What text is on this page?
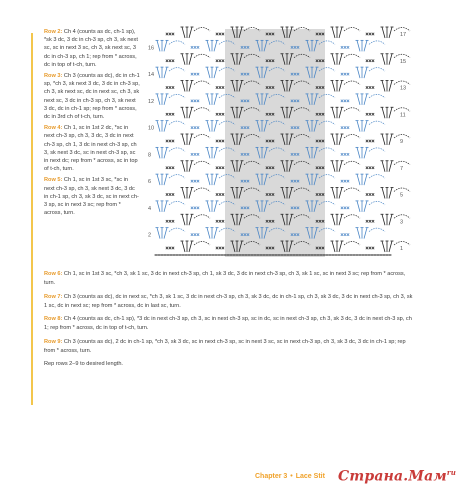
Row 2: Ch 4 (counts as dc, ch-1 sp), *sk 3 dc, 3 dc in ch-3 sp, ch 3, sk next sc, sc in next 3 sc, ch 3, sk next sc, 3 dc in ch-3 sp, ch 1; rep from * across, dc in top of t-ch, turn.
Row 3: Ch 3 (counts as dc), dc in ch-1 sp, *ch 3, sk next 3 dc, 3 dc in ch-3 sp, ch 3, sk next sc, dc in next sc, ch 3, sk next sc, 3 dc in ch-3 sp, ch 3, sk next 3 dc, dc in ch-1 sp; rep from * across, dc in 3rd ch of t-ch, turn.
Row 4: Ch 1, sc in 1st 2 dc, *sc in next ch-3 sp, ch 3, 3 dc, 3 dc in next ch-3 sp, ch 1, 3 dc in next ch-3 sp, ch 3, sk next 3 dc, sc in next ch-3 sp, sc in next dc; rep from * across, sc in top of t-ch, turn.
Row 5: Ch 1, sc in 1st 3 sc, *sc in next ch-3 sp, ch 3, sk next 3 dc, 3 dc in ch-1 sp, ch 3, sk 3 dc, sc in next ch-3 sp, sc in next 3 sc; rep from * across, turn.
1
2
3
4
5
6
7
8
9
10
11
12
13
14
15
16
17
Row 6: Ch 1, sc in 1st 3 sc, *ch 3, sk 1 sc, 3 dc in next ch-3 sp, ch 1, sk 3 dc, 3 dc in next ch-3 sp, ch 3, sk 1 sc, sc in next 3 sc; rep from * across, turn.
Row 7: Ch 3 (counts as dc), dc in next sc, *ch 3, sk 1 sc, 3 dc in next ch-3 sp, ch 3, sk 3 dc, dc in ch-1 sp, ch 3, sk 3 dc, 3 dc in next ch-3 sp, ch 3, sk 1 sc, dc in next sc; rep from * across, dc in last sc, turn.
Row 8: Ch 4 (counts as dc, ch-1 sp), *3 dc in next ch-3 sp, ch 3, sc in next ch-3 sp, sc in dc, sc in next ch-3 sp, ch 3, sk 3 dc, 3 dc in next ch-3 sp, ch 1; rep from * across, dc in top of t-ch, turn.
Row 9: Ch 3 (counts as dc), 2 dc in ch-1 sp, *ch 3, sk 3 dc, sc in next ch-3 sp, sc in next 3 sc, sc in next ch-3 sp, ch 3, sk 3 dc, 3 dc in ch-1 sp; rep from * across, turn.
Rep rows 2–9 to desired length.
Chapter 3 • Lace Stit Страна.Мам$^{ru}$
